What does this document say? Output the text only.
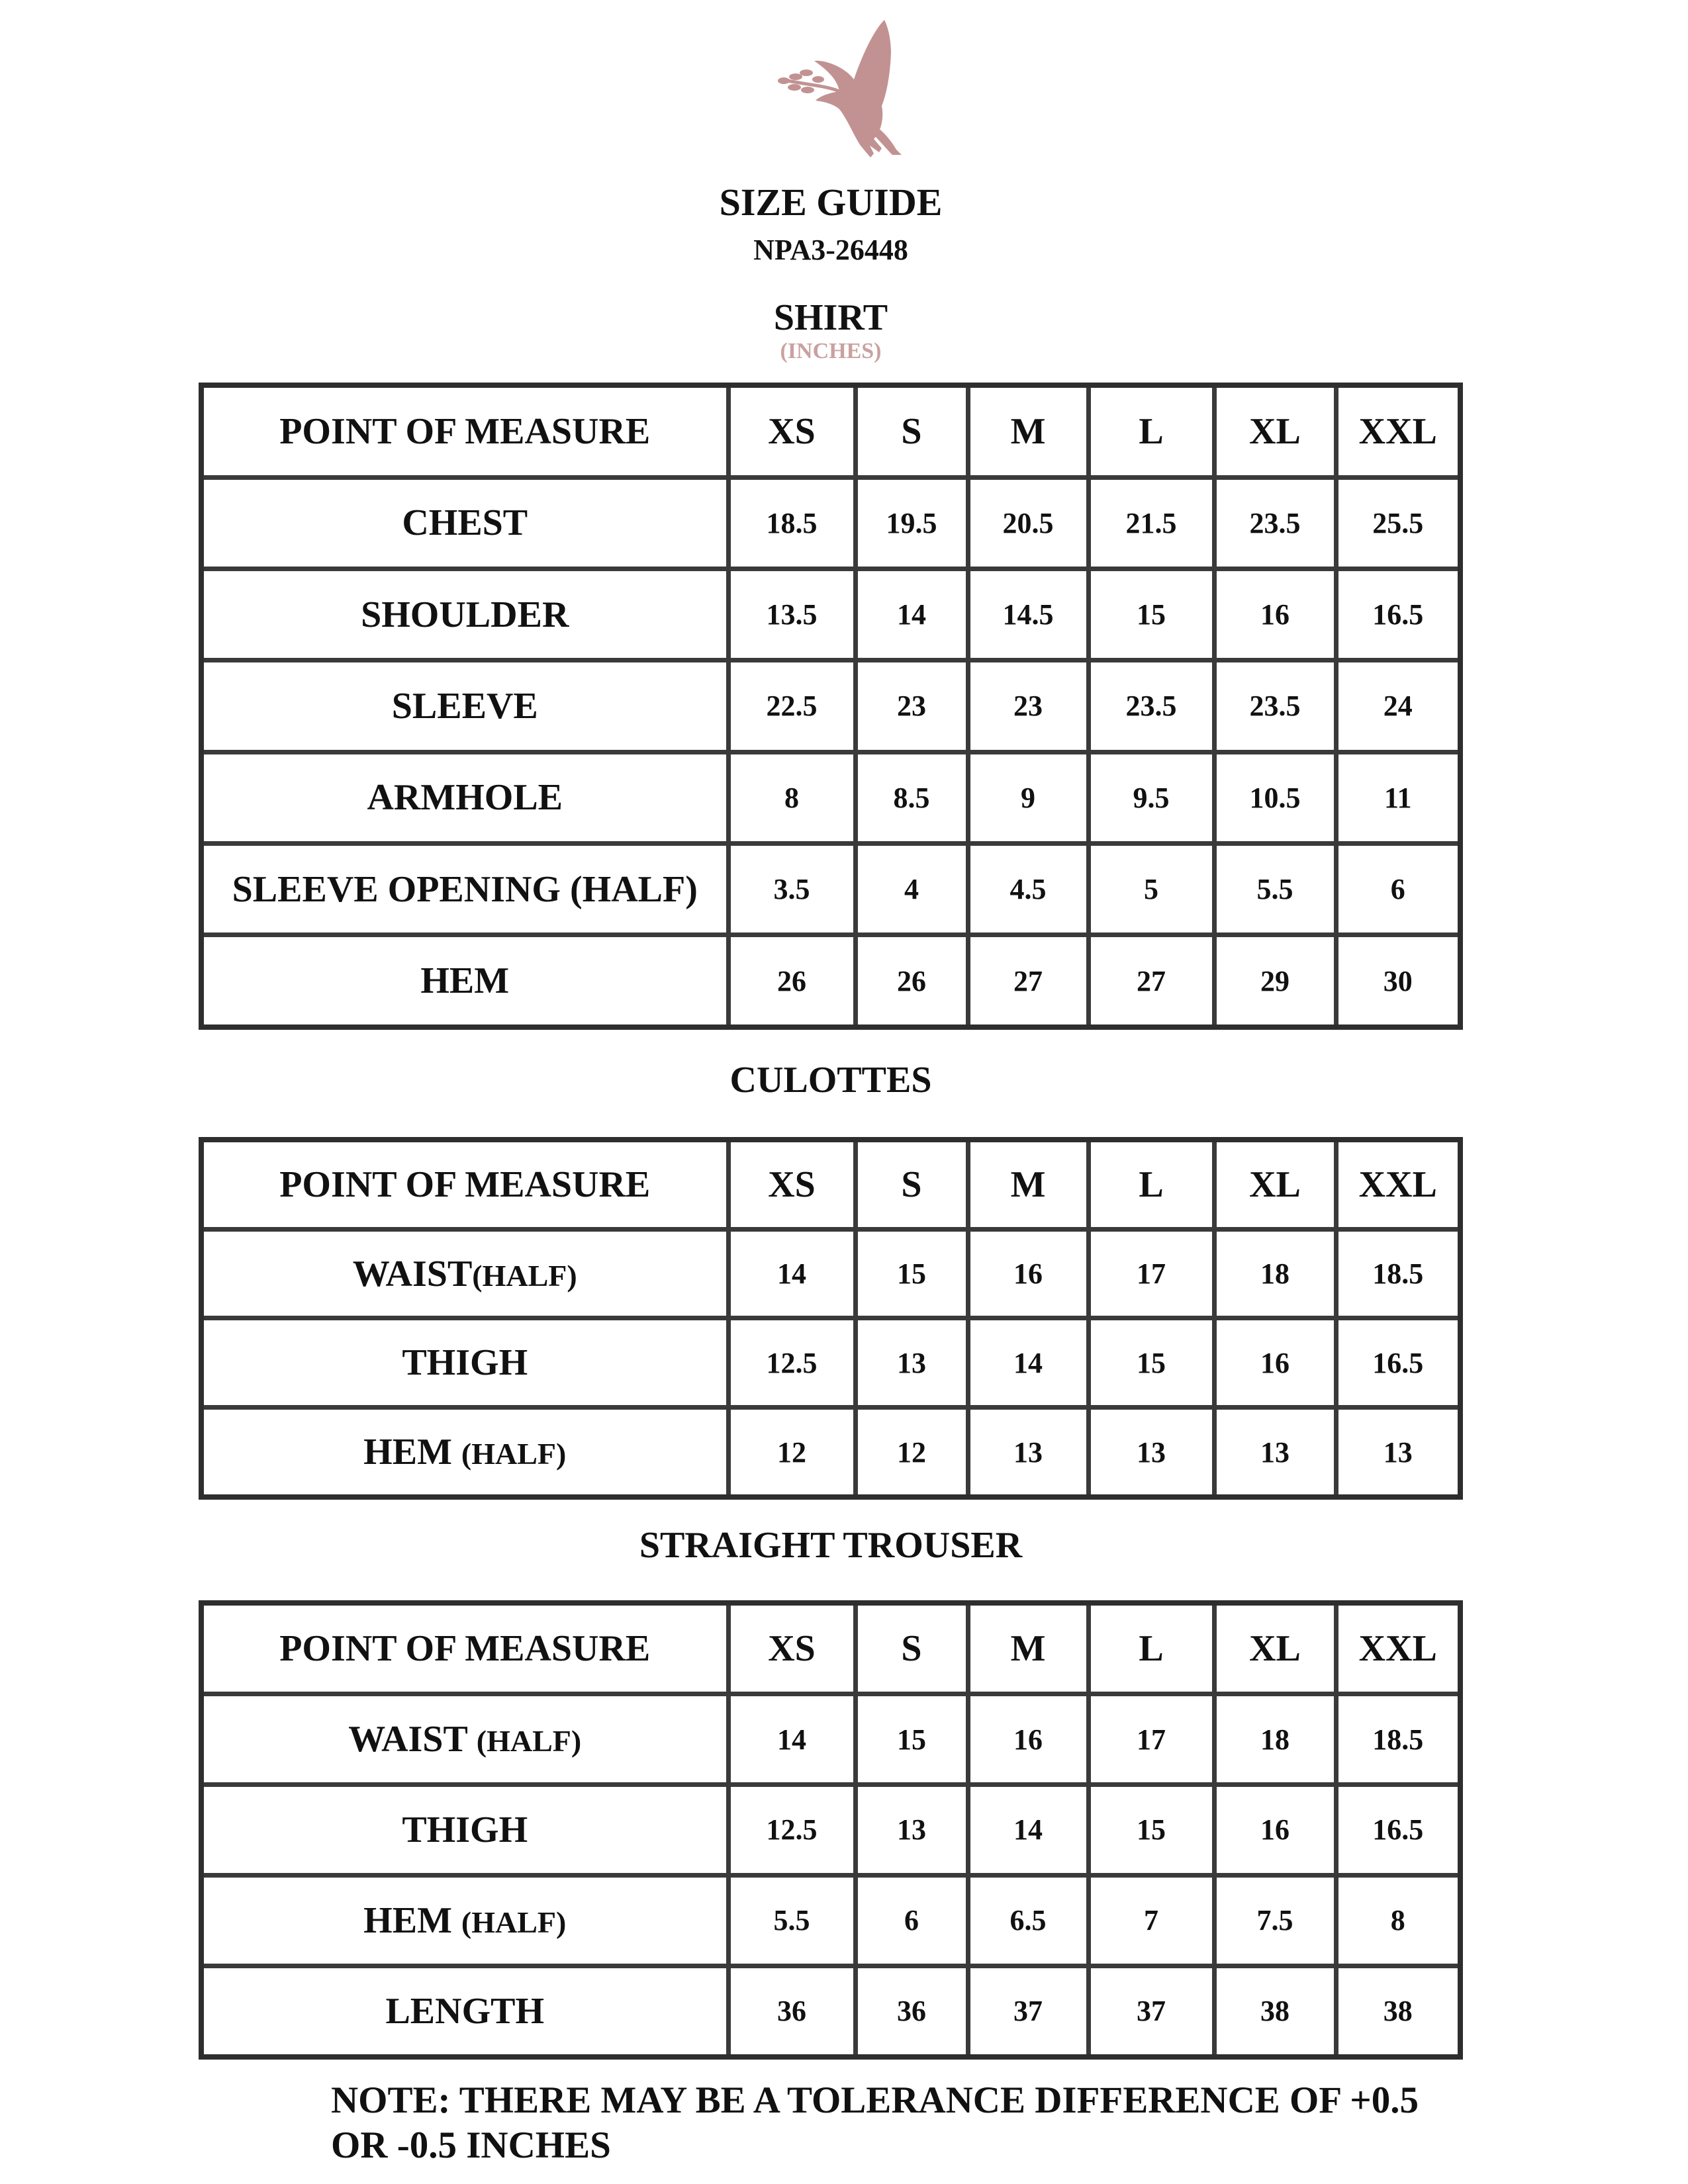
SIZE GUIDE
NPA3-26448
SHIRT
(INCHES)
POINT OF MEASURE	XS	S	M	L	XL	XXL
CHEST	18.5	19.5	20.5	21.5	23.5	25.5
SHOULDER	13.5	14	14.5	15	16	16.5
SLEEVE	22.5	23	23	23.5	23.5	24
ARMHOLE	8	8.5	9	9.5	10.5	11
SLEEVE OPENING (HALF)	3.5	4	4.5	5	5.5	6
HEM	26	26	27	27	29	30
CULOTTES
POINT OF MEASURE	XS	S	M	L	XL	XXL
WAIST(HALF)	14	15	16	17	18	18.5
THIGH	12.5	13	14	15	16	16.5
HEM (HALF)	12	12	13	13	13	13
STRAIGHT TROUSER
POINT OF MEASURE	XS	S	M	L	XL	XXL
WAIST (HALF)	14	15	16	17	18	18.5
THIGH	12.5	13	14	15	16	16.5
HEM (HALF)	5.5	6	6.5	7	7.5	8
LENGTH	36	36	37	37	38	38

NOTE: THERE MAY BE A TOLERANCE DIFFERENCE OF +0.5 OR -0.5 INCHES
